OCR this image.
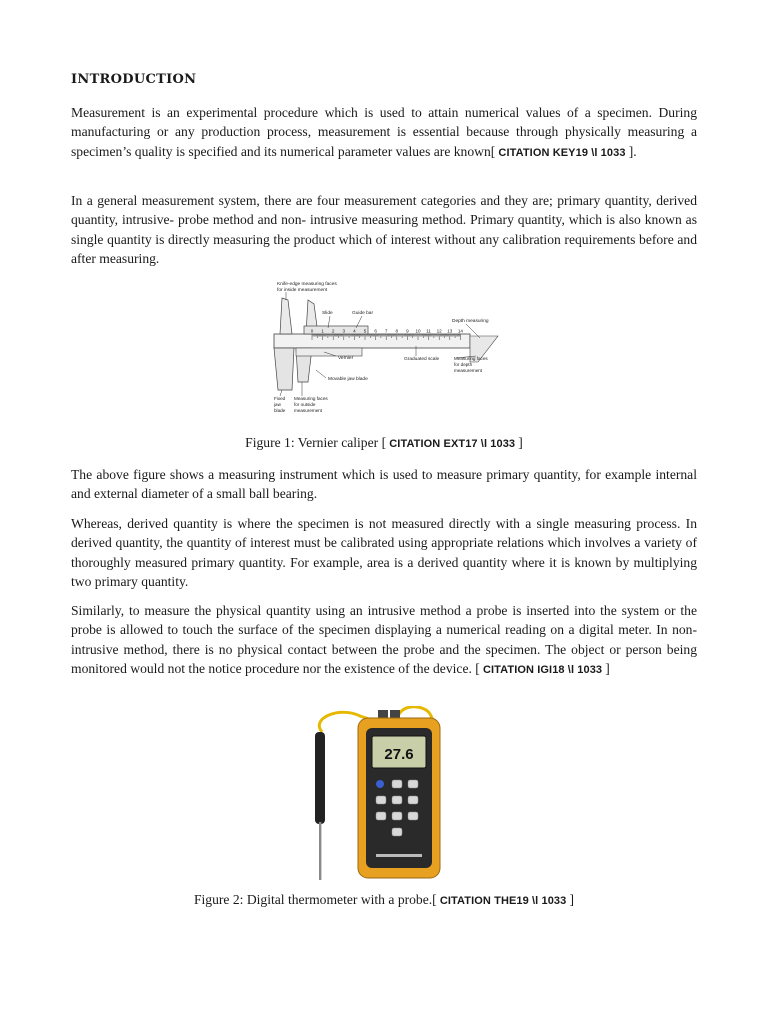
INTRODUCTION

Measurement is an experimental procedure which is used to attain numerical values of a specimen. During manufacturing or any production process, measurement is essential because through physically measuring a specimen’s quality is specified and its numerical parameter values are known[ CITATION KEY19 \l 1033 ].

In a general measurement system, there are four measurement categories and they are; primary quantity, derived quantity, intrusive- probe method and non- intrusive measuring method. Primary quantity, which is also known as single quantity is directly measuring the product which of interest without any calibration requirements before and after measuring.

0 1 2 3 4 5 6 7 8 9 10 11 12 13 14
Knife-edge measuring faces
for inside measurement
Slide	Guide bar
Depth measuring
Vernier	Graduated scale	Measuring faces
for depth
measurement
Movable jaw blade
Fixed
jaw
blade
Measuring faces
for outside
measurement
Figure 1: Vernier caliper [ CITATION EXT17 \l 1033 ]

The above figure shows a measuring instrument which is used to measure primary quantity, for example internal and external diameter of a small ball bearing.

Whereas, derived quantity is where the specimen is not measured directly with a single measuring process. In derived quantity, the quantity of interest must be calibrated using appropriate relations which involves a variety of thoroughly measured primary quantity. For example, area is a derived quantity where it is known by multiplying two primary quantity.

Similarly, to measure the physical quantity using an intrusive method a probe is inserted into the system or the probe is allowed to touch the surface of the specimen displaying a numerical reading on a digital meter. In non-intrusive method, there is no physical contact between the probe and the specimen. The object or person being monitored would not the notice procedure nor the existence of the device. [ CITATION IGI18 \l 1033 ]

27.6
Figure 2: Digital thermometer with a probe.[ CITATION THE19 \l 1033 ]
